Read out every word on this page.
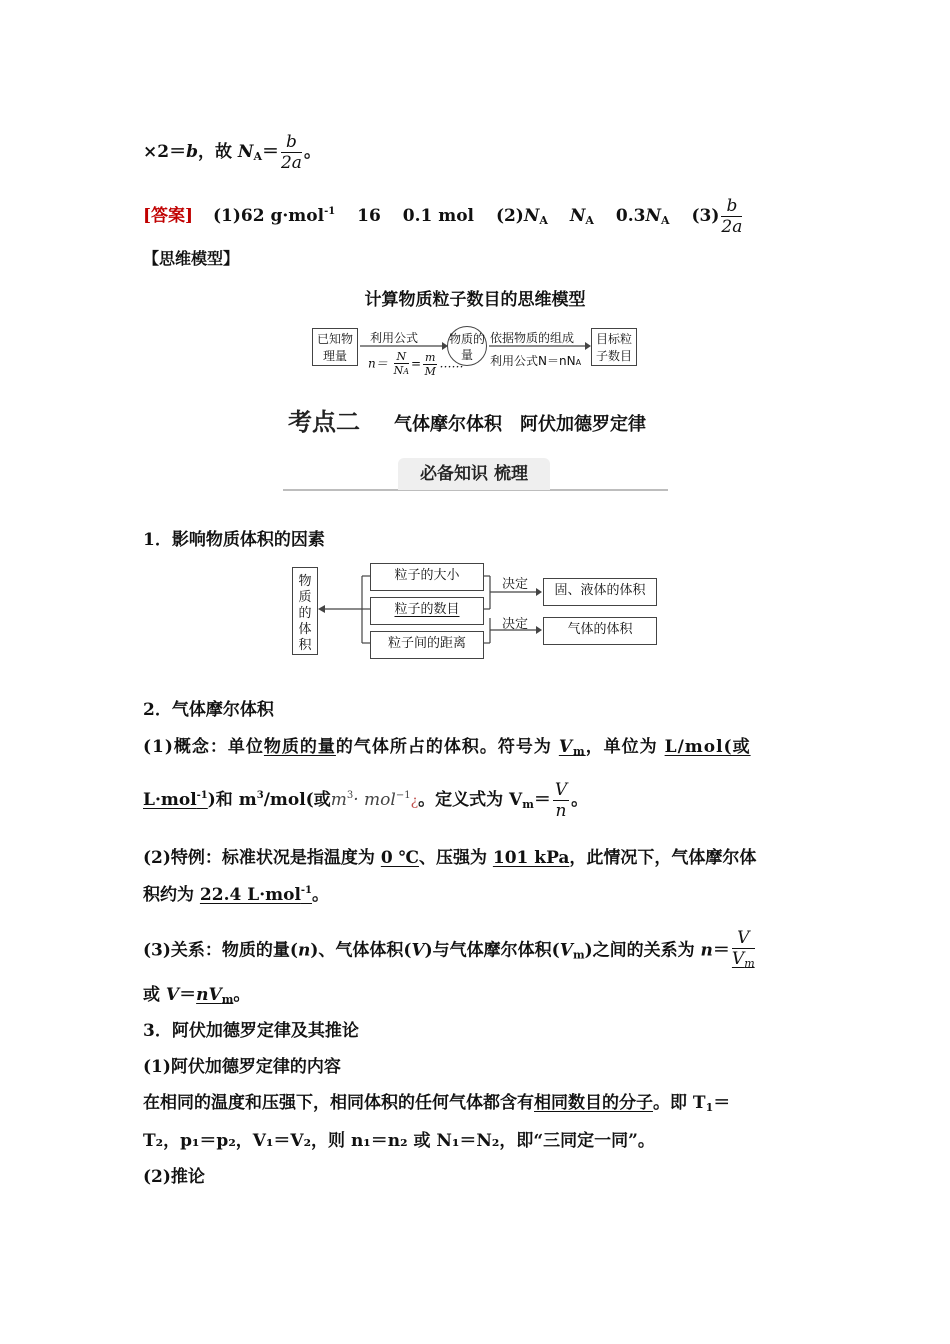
×2＝b，故 $N_A= \frac{b}{2a}$ 。
[答案] (1)62 g·mol$^{-1}$ 16 0.1 mol $(2)N_A$ $N_A$ $0.3N_A$ $(3) \frac{b}{2a}$
【思维模型】
计算物质粒子数目的思维模型
已知物理量
利用公式
$n= \frac{N}{NA} = \frac{m}{M}$ ……
物质的量
依据物质的组成
利用公式N＝nNA
目标粒子数目
考点二 气体摩尔体积　阿伏加德罗定律
必备知识 梳理
1．影响物质体积的因素
物质的体积
粒子的大小
粒子的数目
粒子间的距离
决定
决定
固、液体的体积
气体的体积
2．气体摩尔体积
(1)概念：单位物质的量的气体所占的体积。符号为 $V_m$，单位为 L/mol(或
L·mol$^{-1}$)和 $m^3/mol$(或$m^3\cdot$ mol$^{-1}$¿。定义式为 $V_m= \frac{V}{n}$ 。
(2)特例：标准状况是指温度为 0 ℃、压强为 101 kPa，此情况下，气体摩尔体
积约为 22.4 L·mol$^{-1}$。
(3)关系：物质的量(n)、气体体积(V)与气体摩尔体积$(V_m)$之间的关系为 $n= \frac{V}{V_m}$
或 $V=nV_m$。
3．阿伏加德罗定律及其推论
(1)阿伏加德罗定律的内容
在相同的温度和压强下，相同体积的任何气体都含有相同数目的分子。即 $T_1=$
T₂，p₁＝p₂，V₁＝V₂，则 n₁＝n₂ 或 N₁＝N₂，即“三同定一同”。
(2)推论
